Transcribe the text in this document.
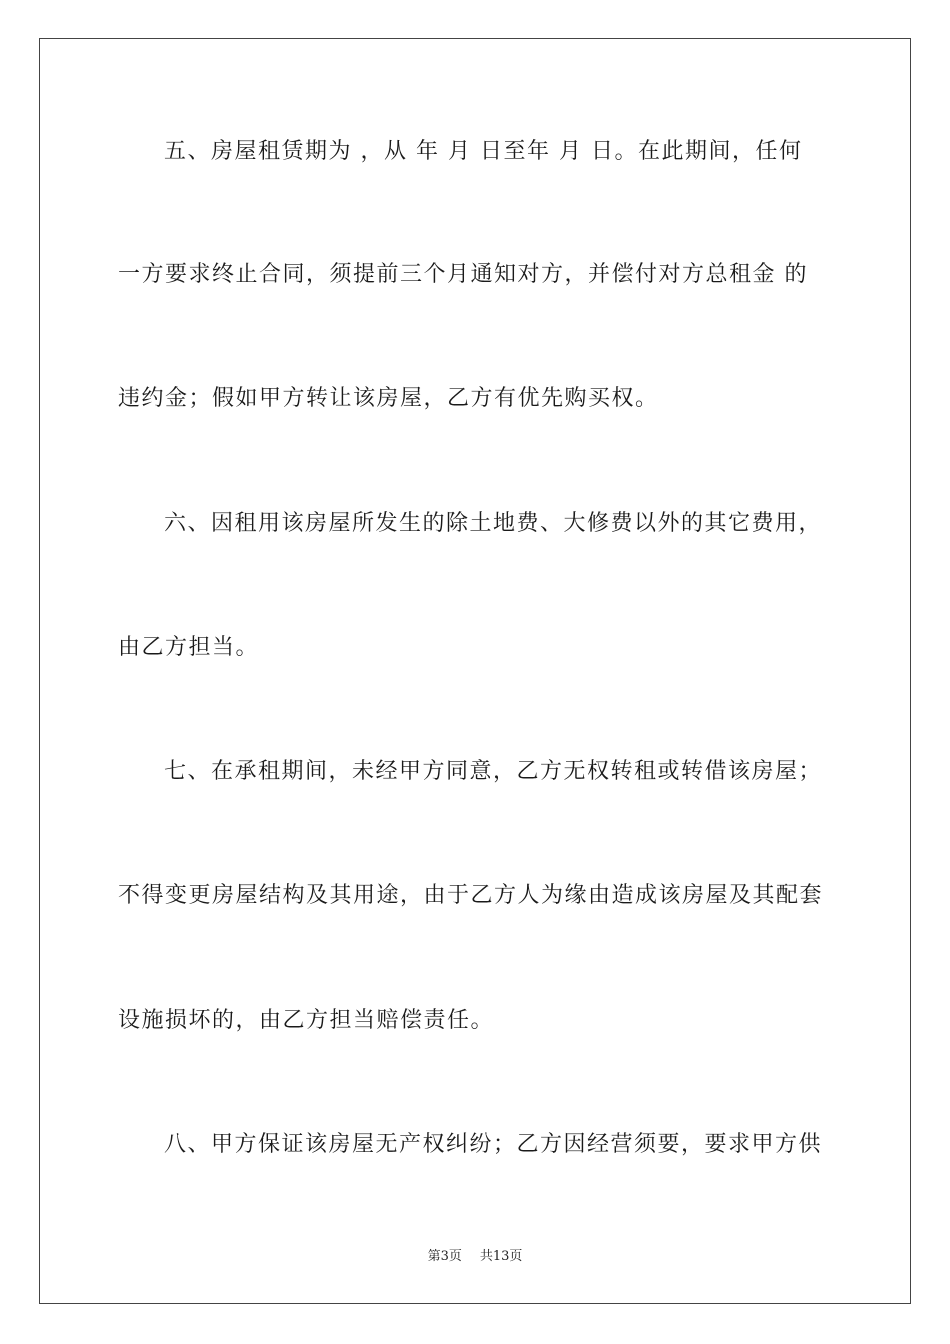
五、房屋租赁期为 ，从 年 月 日至年 月 日。在此期间，任何
一方要求终止合同，须提前三个月通知对方，并偿付对方总租金 的
违约金；假如甲方转让该房屋，乙方有优先购买权。
六、因租用该房屋所发生的除土地费、大修费以外的其它费用，
由乙方担当。
七、在承租期间，未经甲方同意，乙方无权转租或转借该房屋；
不得变更房屋结构及其用途，由于乙方人为缘由造成该房屋及其配套
设施损坏的，由乙方担当赔偿责任。
八、甲方保证该房屋无产权纠纷；乙方因经营须要，要求甲方供
第3页 共13页
